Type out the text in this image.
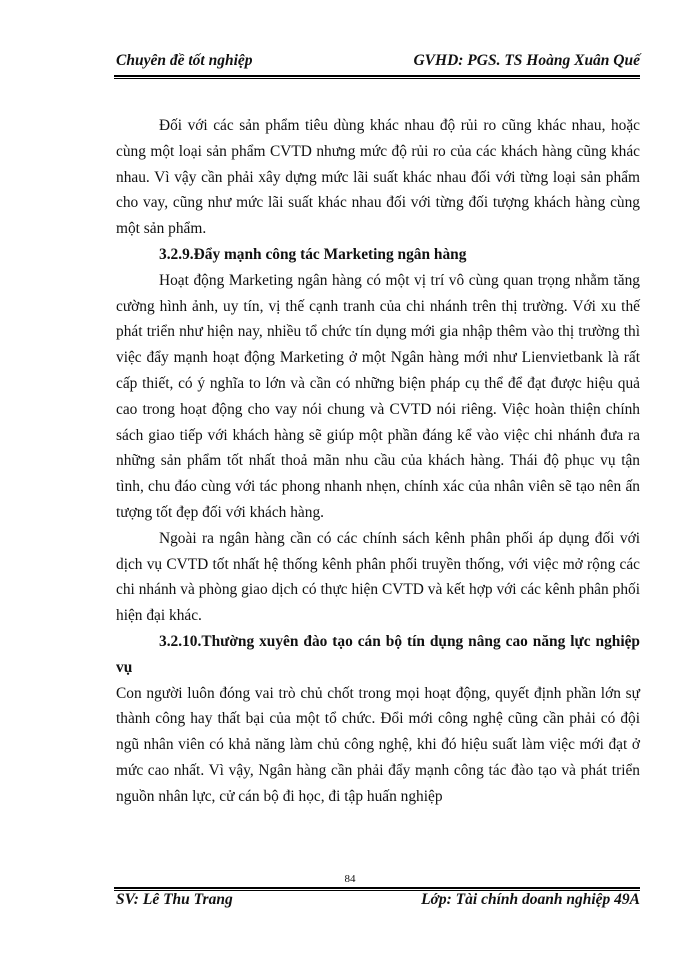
Chuyên đề tốt nghiệp	GVHD: PGS. TS Hoàng Xuân Quế

Đối với các sản phẩm tiêu dùng khác nhau độ rủi ro cũng khác nhau, hoặc cùng một loại sản phẩm CVTD nhưng mức độ rủi ro của các khách hàng cũng khác nhau. Vì vậy cần phải xây dựng mức lãi suất khác nhau đối với từng loại sản phẩm cho vay, cũng như mức lãi suất khác nhau đối với từng đối tượng khách hàng cùng một sản phẩm.

3.2.9.Đẩy mạnh công tác Marketing ngân hàng

Hoạt động Marketing ngân hàng có một vị trí vô cùng quan trọng nhằm tăng cường hình ảnh, uy tín, vị thế cạnh tranh của chi nhánh trên thị trường. Với xu thế phát triển như hiện nay, nhiều tổ chức tín dụng mới gia nhập thêm vào thị trường thì việc đẩy mạnh hoạt động Marketing ở một Ngân hàng mới như Lienvietbank là rất cấp thiết, có ý nghĩa to lớn và cần có những biện pháp cụ thể để đạt được hiệu quả cao trong hoạt động cho vay nói chung và CVTD nói riêng. Việc hoàn thiện chính sách giao tiếp với khách hàng sẽ giúp một phần đáng kể vào việc chi nhánh đưa ra những sản phẩm tốt nhất thoả mãn nhu cầu của khách hàng. Thái độ phục vụ tận tình, chu đáo cùng với tác phong nhanh nhẹn, chính xác của nhân viên sẽ tạo nên ấn tượng tốt đẹp đối với khách hàng.

Ngoài ra ngân hàng cần có các chính sách kênh phân phối áp dụng đối với dịch vụ CVTD tốt nhất hệ thống kênh phân phối truyền thống, với việc mở rộng các chi nhánh và phòng giao dịch có thực hiện CVTD và kết hợp với các kênh phân phối hiện đại khác.

3.2.10.Thường xuyên đào tạo cán bộ tín dụng nâng cao năng lực nghiệp vụ

Con người luôn đóng vai trò chủ chốt trong mọi hoạt động, quyết định phần lớn sự thành công hay thất bại của một tổ chức. Đổi mới công nghệ cũng cần phải có đội ngũ nhân viên có khả năng làm chủ công nghệ, khi đó hiệu suất làm việc mới đạt ở mức cao nhất. Vì vậy, Ngân hàng cần phải đẩy mạnh công tác đào tạo và phát triển nguồn nhân lực, cử cán bộ đi học, đi tập huấn nghiệp

84
SV: Lê Thu Trang	Lớp: Tài chính doanh nghiệp 49A
